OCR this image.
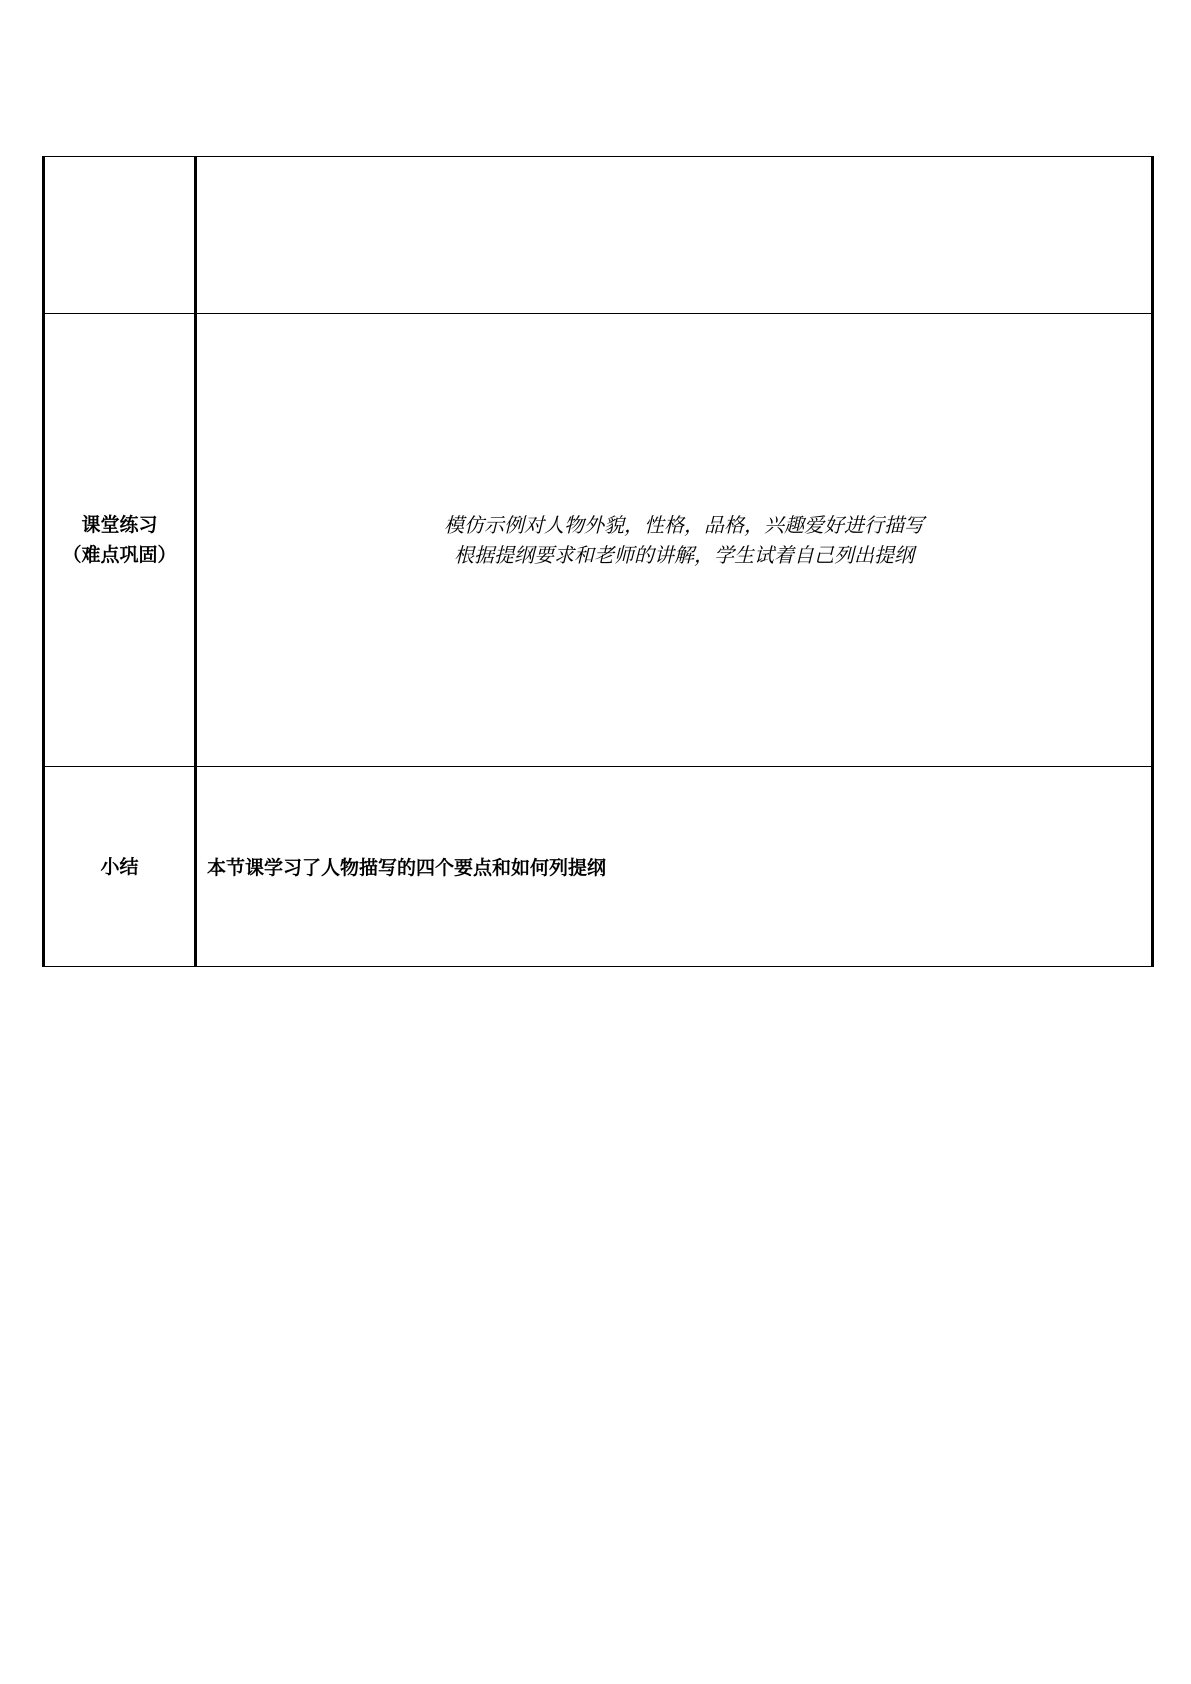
课堂练习
（难点巩固）	模仿示例对人物外貌，性格，品格，兴趣爱好进行描写
根据提纲要求和老师的讲解，学生试着自己列出提纲

小结	本节课学习了人物描写的四个要点和如何列提纲
